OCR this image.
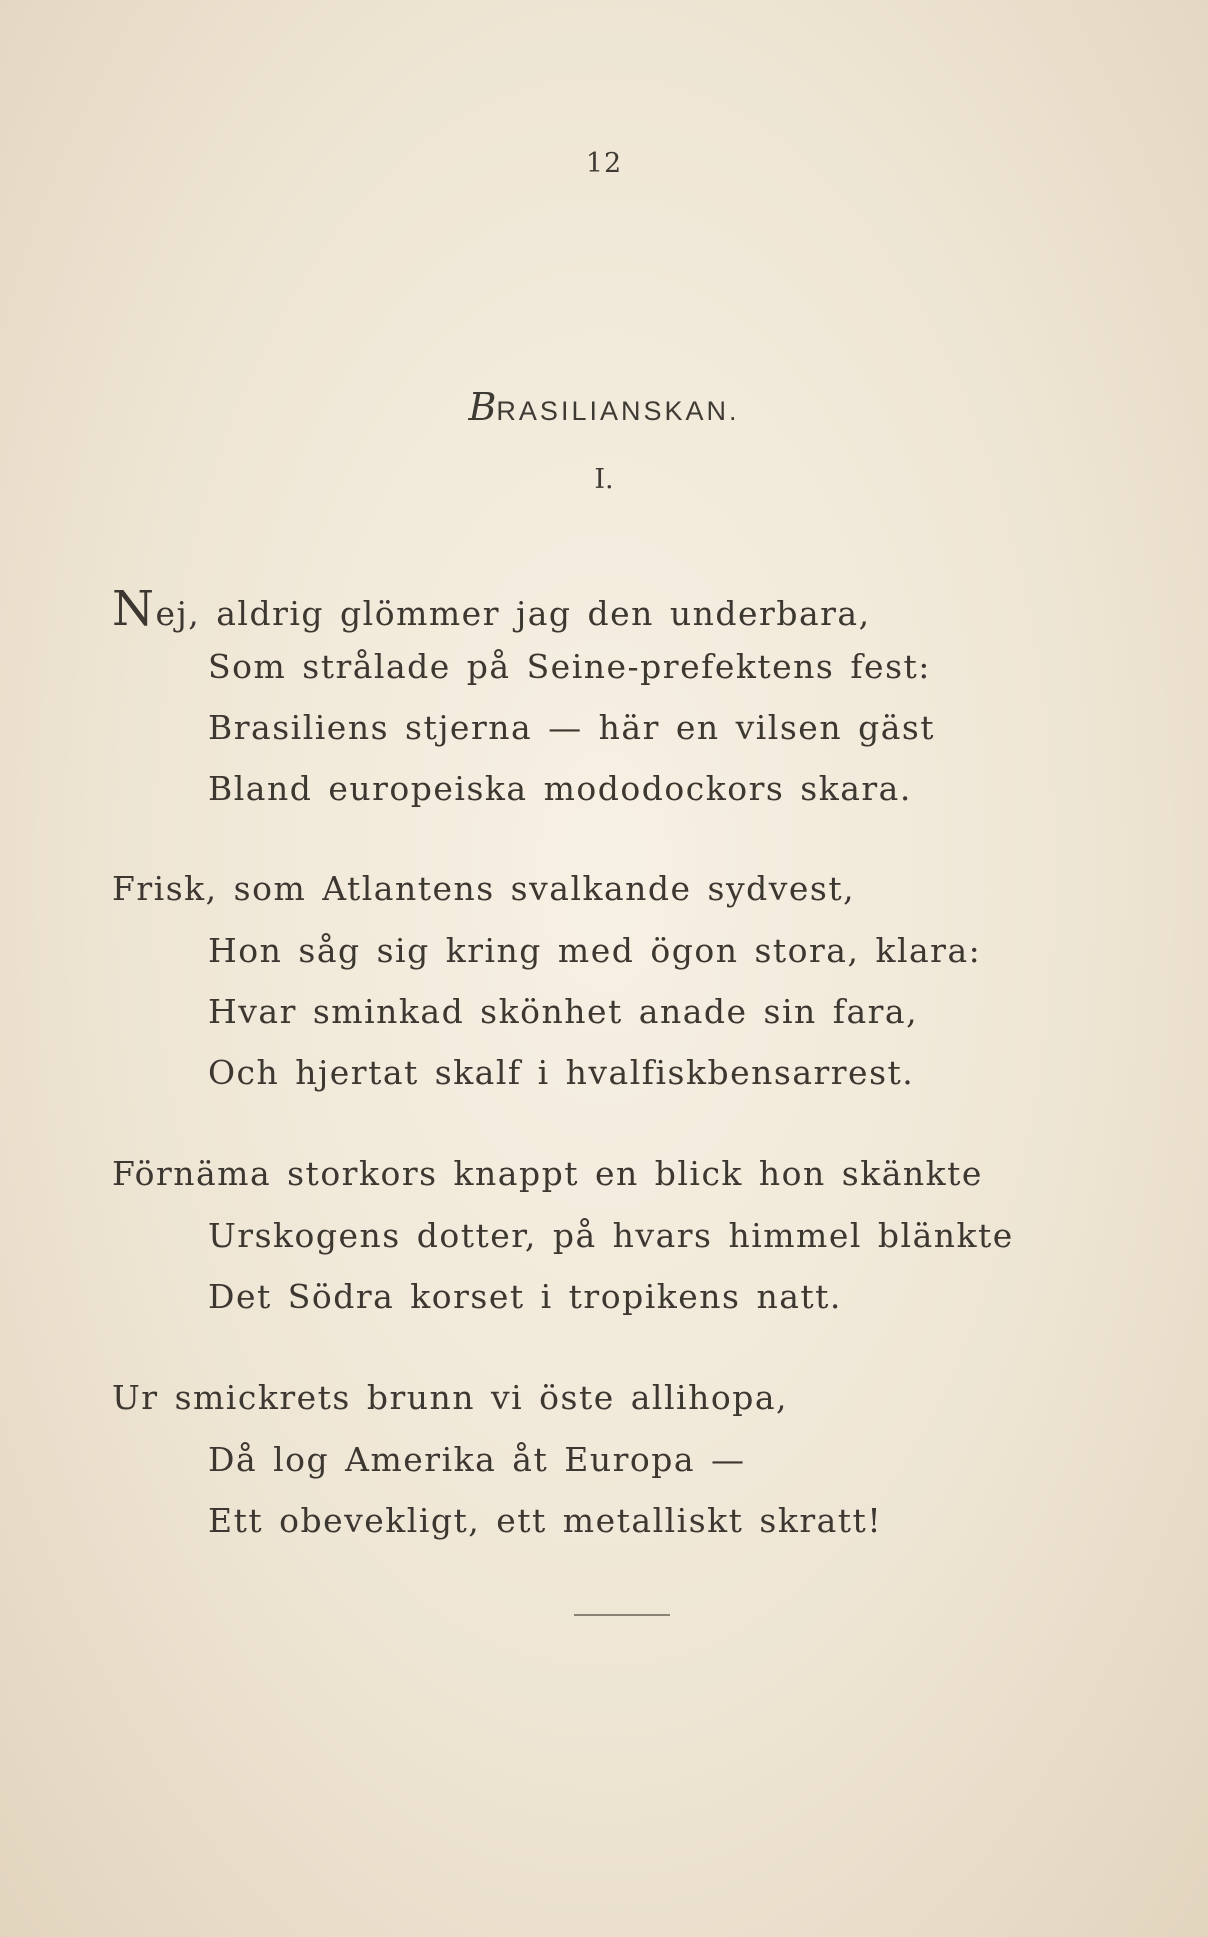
12
BRASILIANSKAN.
I.
Nej, aldrig glömmer jag den underbara,
Som strålade på Seine-prefektens fest:
Brasiliens stjerna — här en vilsen gäst
Bland europeiska mododockors skara.
Frisk, som Atlantens svalkande sydvest,
Hon såg sig kring med ögon stora, klara:
Hvar sminkad skönhet anade sin fara,
Och hjertat skalf i hvalfiskbensarrest.
Förnäma storkors knappt en blick hon skänkte
Urskogens dotter, på hvars himmel blänkte
Det Södra korset i tropikens natt.
Ur smickrets brunn vi öste allihopa,
Då log Amerika åt Europa —
Ett obevekligt, ett metalliskt skratt!
